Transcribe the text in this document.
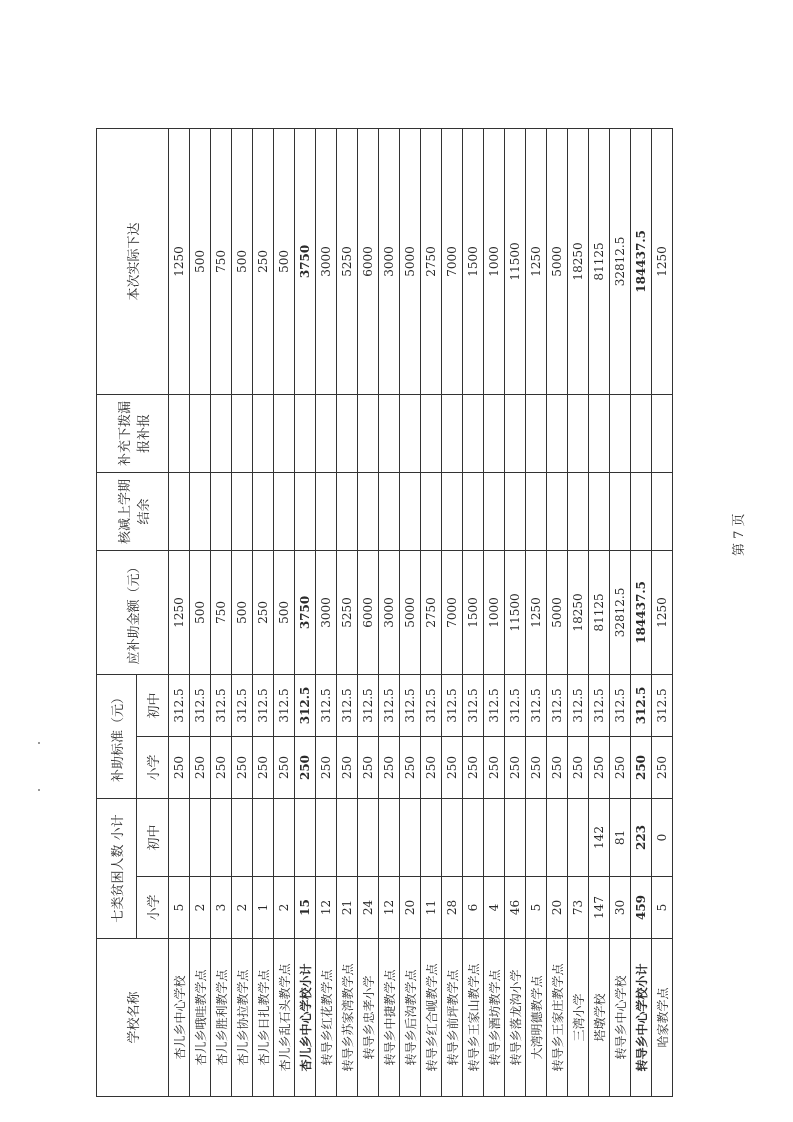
学校名称	七类贫困人数 小计		补助标准（元）		应补助金额（元）	核减上学期结余	补充下拨漏报补报	本次实际下达
	小学	初中	小学	初中				
杏儿乡中心学校	5		250	312.5	1250			1250
杏儿乡哦哇教学点	2		250	312.5	500			500
杏儿乡胜利教学点	3		250	312.5	750			750
杏儿乡协拉教学点	2		250	312.5	500			500
杏儿乡日扎教学点	1		250	312.5	250			250
杏儿乡乱石头教学点	2		250	312.5	500			500
杏儿乡中心学校小计	15		250	312.5	3750			3750
转导乡红花教学点	12		250	312.5	3000			3000
转导乡苏家湾教学点	21		250	312.5	5250			5250
转导乡忠孝小学	24		250	312.5	6000			6000
转导乡中捷教学点	12		250	312.5	3000			3000
转导乡后沟教学点	20		250	312.5	5000			5000
转导乡红合岘教学点	11		250	312.5	2750			2750
转导乡前坪教学点	28		250	312.5	7000			7000
转导乡王家山教学点	6		250	312.5	1500			1500
转导乡酒坊教学点	4		250	312.5	1000			1000
转导乡落龙沟小学	46		250	312.5	11500			11500
大湾明德教学点	5		250	312.5	1250			1250
转导乡王家庄教学点	20		250	312.5	5000			5000
三湾小学	73		250	312.5	18250			18250
塔墩学校	147	142	250	312.5	81125			81125
转导乡中心学校	30	81	250	312.5	32812.5			32812.5
转导乡中心学校小计	459	223	250	312.5	184437.5			184437.5
哈家教学点	5	0	250	312.5	1250			1250
第 7 页
